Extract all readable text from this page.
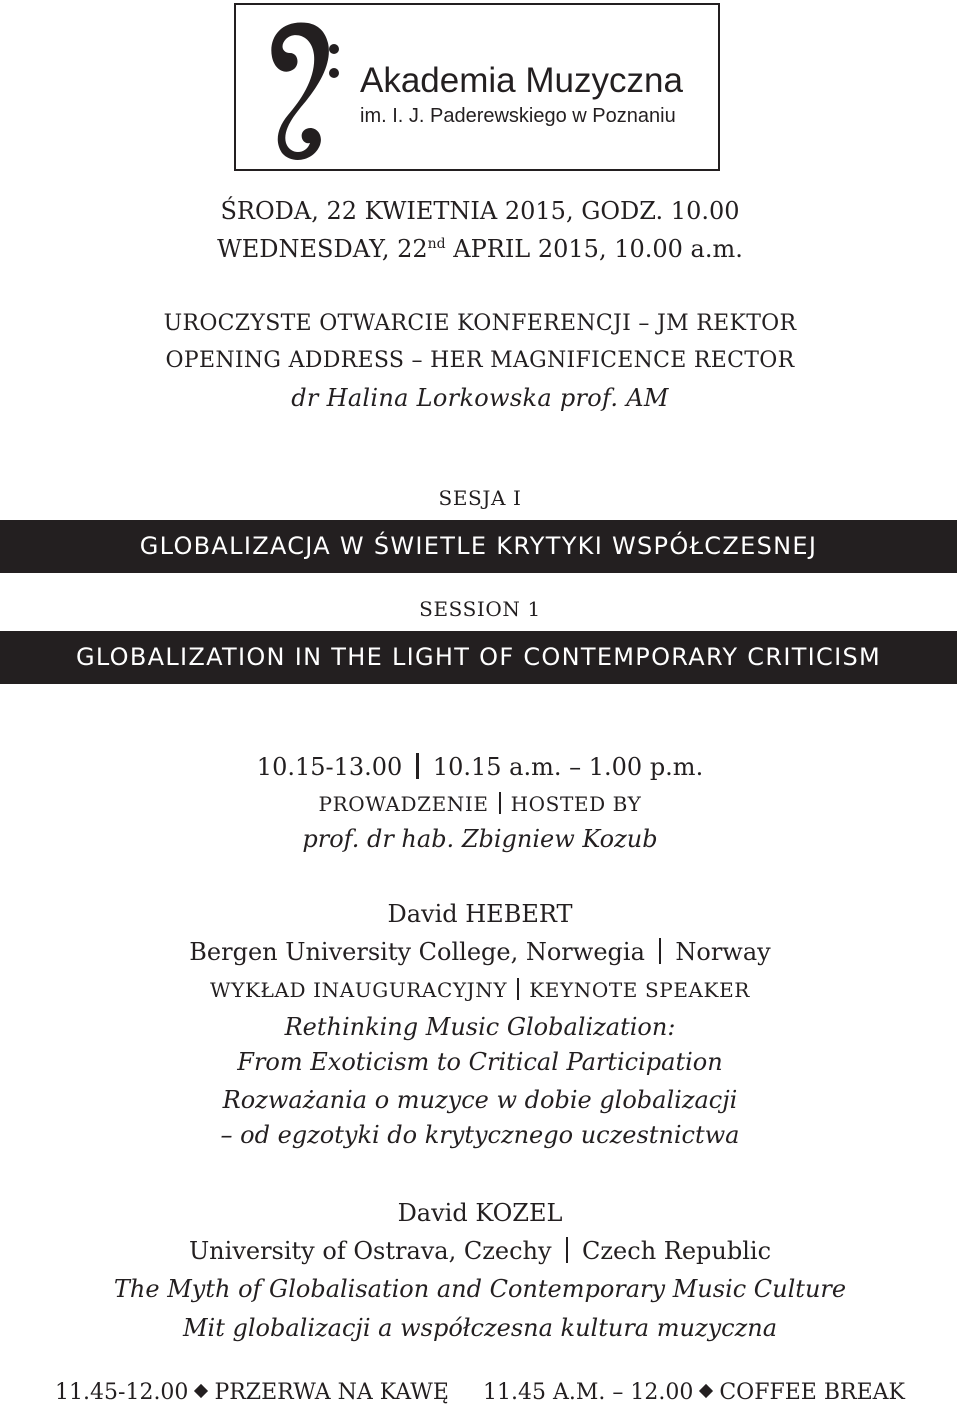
Akademia Muzyczna
im. I. J. Paderewskiego w Poznaniu
ŚRODA, 22 KWIETNIA 2015, GODZ. 10.00
WEDNESDAY, 22nd APRIL 2015, 10.00 a.m.
UROCZYSTE OTWARCIE KONFERENCJI – JM REKTOR
OPENING ADDRESS – HER MAGNIFICENCE RECTOR
dr Halina Lorkowska prof. AM
SESJA I
GLOBALIZACJA W ŚWIETLE KRYTYKI WSPÓŁCZESNEJ
SESSION 1
GLOBALIZATION IN THE LIGHT OF CONTEMPORARY CRITICISM
10.15-13.00 10.15 a.m. – 1.00 p.m.
PROWADZENIE HOSTED BY
prof. dr hab. Zbigniew Kozub
David HEBERT
Bergen University College, Norwegia Norway
WYKŁAD INAUGURACYJNY KEYNOTE SPEAKER
Rethinking Music Globalization:
From Exoticism to Critical Participation
Rozważania o muzyce w dobie globalizacji
– od egzotyki do krytycznego uczestnictwa
David KOZEL
University of Ostrava, Czechy Czech Republic
The Myth of Globalisation and Contemporary Music Culture
Mit globalizacji a współczesna kultura muzyczna
11.45-12.00 PRZERWA NA KAWĘ 11.45 A.M. – 12.00 COFFEE BREAK
